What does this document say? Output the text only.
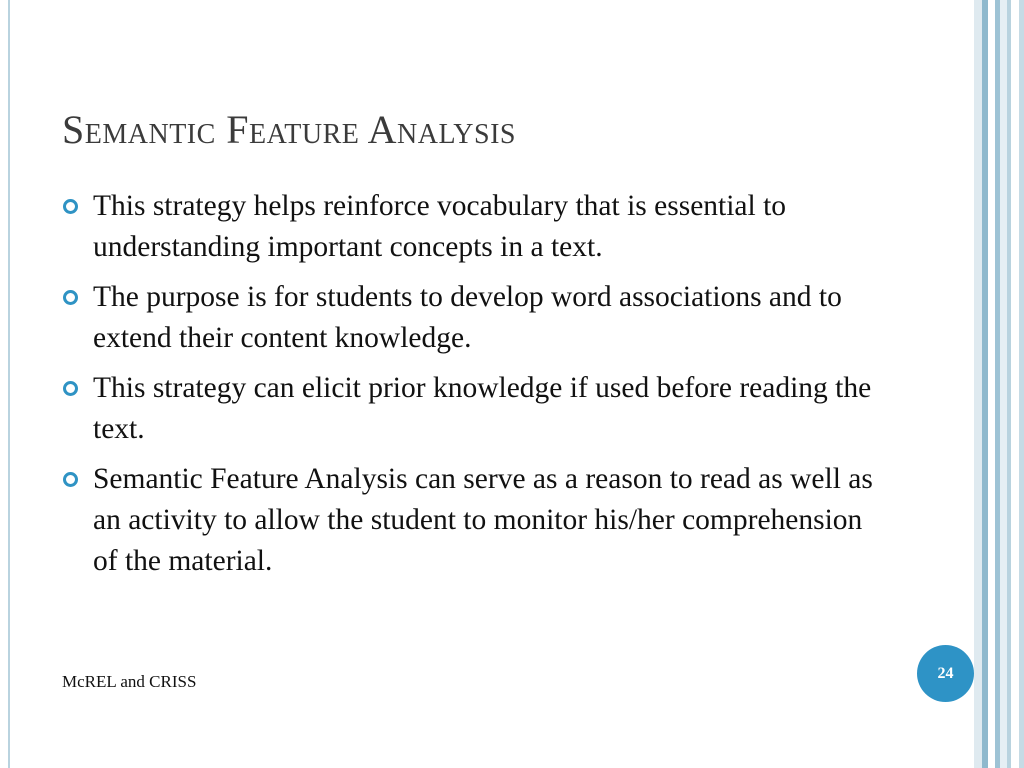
Semantic Feature Analysis
This strategy helps reinforce vocabulary that is essential to understanding important concepts in a text.
The purpose is for students to develop word associations and to extend their content knowledge.
This strategy can elicit prior knowledge if used before reading the text.
Semantic Feature Analysis can serve as a reason to read as well as an activity to allow the student to monitor his/her comprehension of the material.
McREL and CRISS	24
